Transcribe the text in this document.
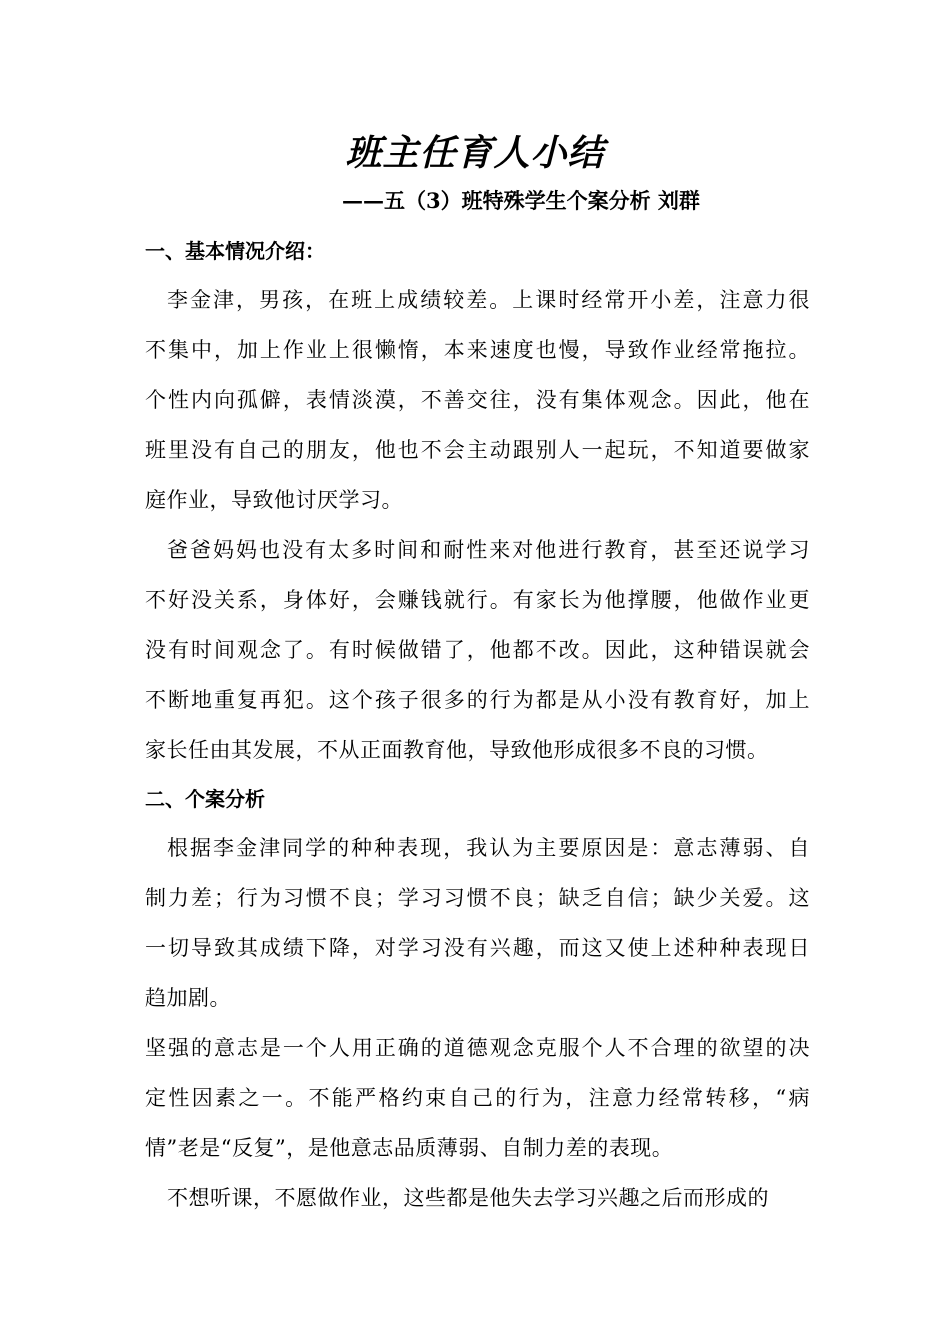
班主任育人小结
——五（3）班特殊学生个案分析 刘群
一、基本情况介绍：
李金津，男孩，在班上成绩较差。上课时经常开小差，注意力很
不集中，加上作业上很懒惰，本来速度也慢，导致作业经常拖拉。
个性内向孤僻，表情淡漠，不善交往，没有集体观念。因此，他在
班里没有自己的朋友，他也不会主动跟别人一起玩，不知道要做家
庭作业，导致他讨厌学习。
爸爸妈妈也没有太多时间和耐性来对他进行教育，甚至还说学习
不好没关系，身体好，会赚钱就行。有家长为他撑腰，他做作业更
没有时间观念了。有时候做错了，他都不改。因此，这种错误就会
不断地重复再犯。这个孩子很多的行为都是从小没有教育好，加上
家长任由其发展，不从正面教育他，导致他形成很多不良的习惯。
二、个案分析
根据李金津同学的种种表现，我认为主要原因是：意志薄弱、自
制力差；行为习惯不良；学习习惯不良；缺乏自信；缺少关爱。这
一切导致其成绩下降，对学习没有兴趣，而这又使上述种种表现日
趋加剧。
坚强的意志是一个人用正确的道德观念克服个人不合理的欲望的决
定性因素之一。不能严格约束自己的行为，注意力经常转移，“病
情”老是“反复”，是他意志品质薄弱、自制力差的表现。
不想听课，不愿做作业，这些都是他失去学习兴趣之后而形成的
